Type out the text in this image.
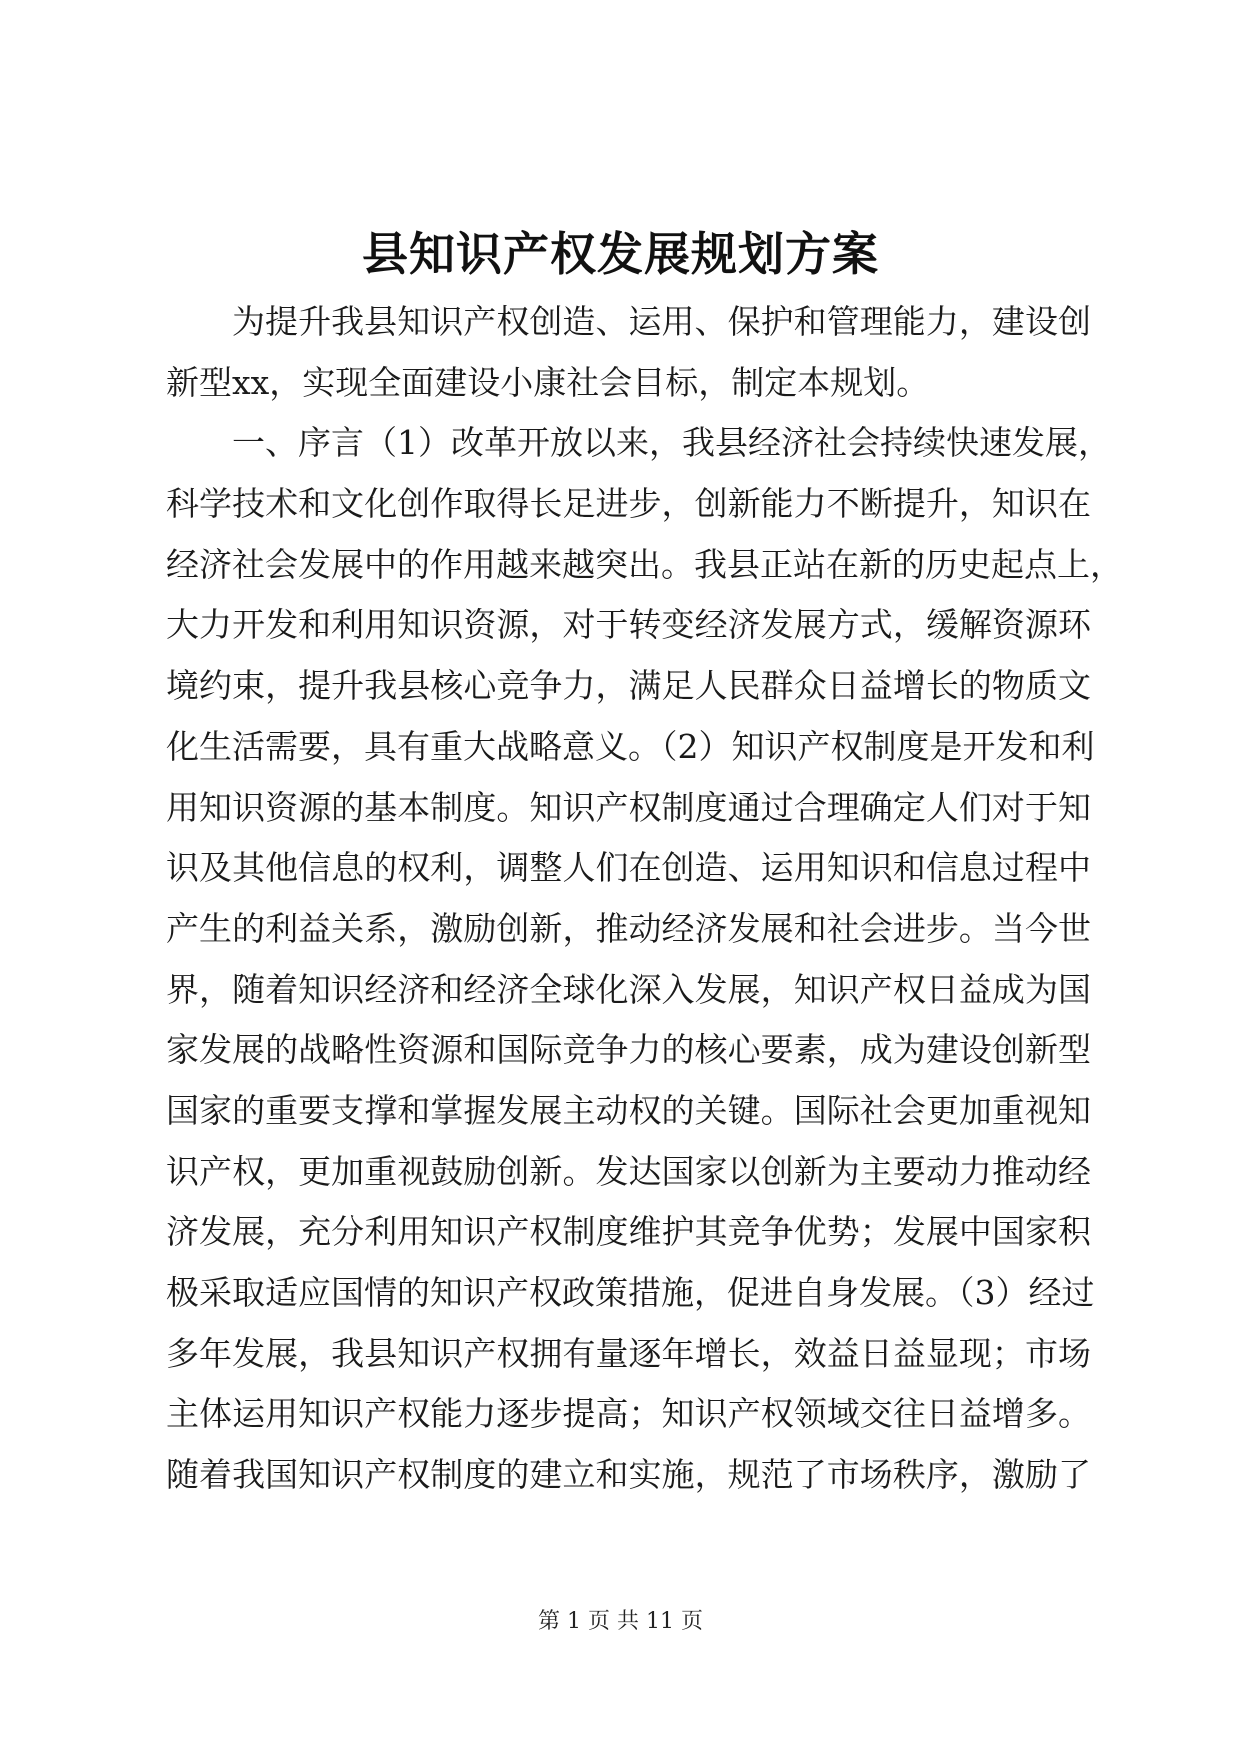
县知识产权发展规划方案
为提升我县知识产权创造、运用、保护和管理能力，建设创
新型xx，实现全面建设小康社会目标，制定本规划。
一、序言（1）改革开放以来，我县经济社会持续快速发展，
科学技术和文化创作取得长足进步，创新能力不断提升，知识在
经济社会发展中的作用越来越突出。我县正站在新的历史起点上，
大力开发和利用知识资源，对于转变经济发展方式，缓解资源环
境约束，提升我县核心竞争力，满足人民群众日益增长的物质文
化生活需要，具有重大战略意义。（2）知识产权制度是开发和利
用知识资源的基本制度。知识产权制度通过合理确定人们对于知
识及其他信息的权利，调整人们在创造、运用知识和信息过程中
产生的利益关系，激励创新，推动经济发展和社会进步。当今世
界，随着知识经济和经济全球化深入发展，知识产权日益成为国
家发展的战略性资源和国际竞争力的核心要素，成为建设创新型
国家的重要支撑和掌握发展主动权的关键。国际社会更加重视知
识产权，更加重视鼓励创新。发达国家以创新为主要动力推动经
济发展，充分利用知识产权制度维护其竞争优势；发展中国家积
极采取适应国情的知识产权政策措施，促进自身发展。（3）经过
多年发展，我县知识产权拥有量逐年增长，效益日益显现；市场
主体运用知识产权能力逐步提高；知识产权领域交往日益增多。
随着我国知识产权制度的建立和实施，规范了市场秩序，激励了
第 1 页 共 11 页
